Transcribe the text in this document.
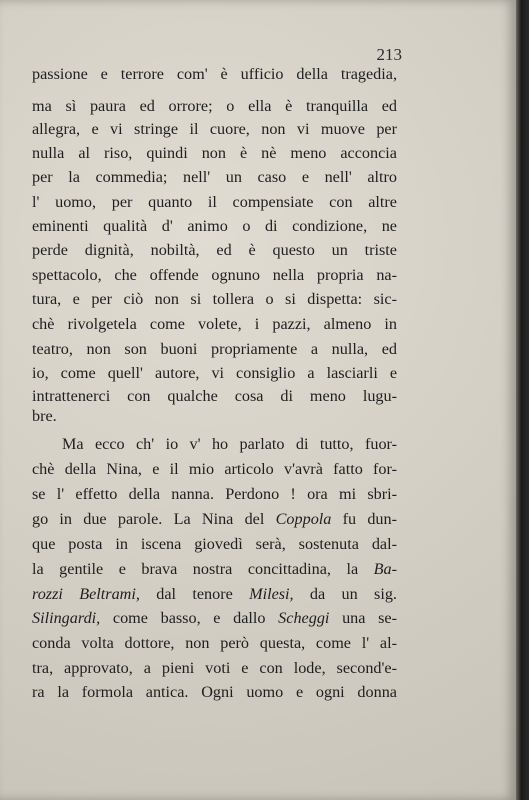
213
passione e terrore com' è ufficio della tragedia,
ma sì paura ed orrore; o ella è tranquilla ed
allegra, e vi stringe il cuore, non vi muove per
nulla al riso, quindi non è nè meno acconcia
per la commedia; nell' un caso e nell' altro
l' uomo, per quanto il compensiate con altre
eminenti qualità d' animo o di condizione, ne
perde dignità, nobiltà, ed è questo un triste
spettacolo, che offende ognuno nella propria na-
tura, e per ciò non si tollera o si dispetta: sic-
chè rivolgetela come volete, i pazzi, almeno in
teatro, non son buoni propriamente a nulla, ed
io, come quell' autore, vi consiglio a lasciarli e
intrattenerci con qualche cosa di meno lugu-
bre.
Ma ecco ch' io v' ho parlato di tutto, fuor-
chè della Nina, e il mio articolo v'avrà fatto for-
se l' effetto della nanna. Perdono ! ora mi sbri-
go in due parole. La Nina del Coppola fu dun-
que posta in iscena giovedì serà, sostenuta dal-
la gentile e brava nostra concittadina, la Ba-
rozzi Beltrami, dal tenore Milesi, da un sig.
Silingardi, come basso, e dallo Scheggi una se-
conda volta dottore, non però questa, come l' al-
tra, approvato, a pieni voti e con lode, second'e-
ra la formola antica. Ogni uomo e ogni donna
